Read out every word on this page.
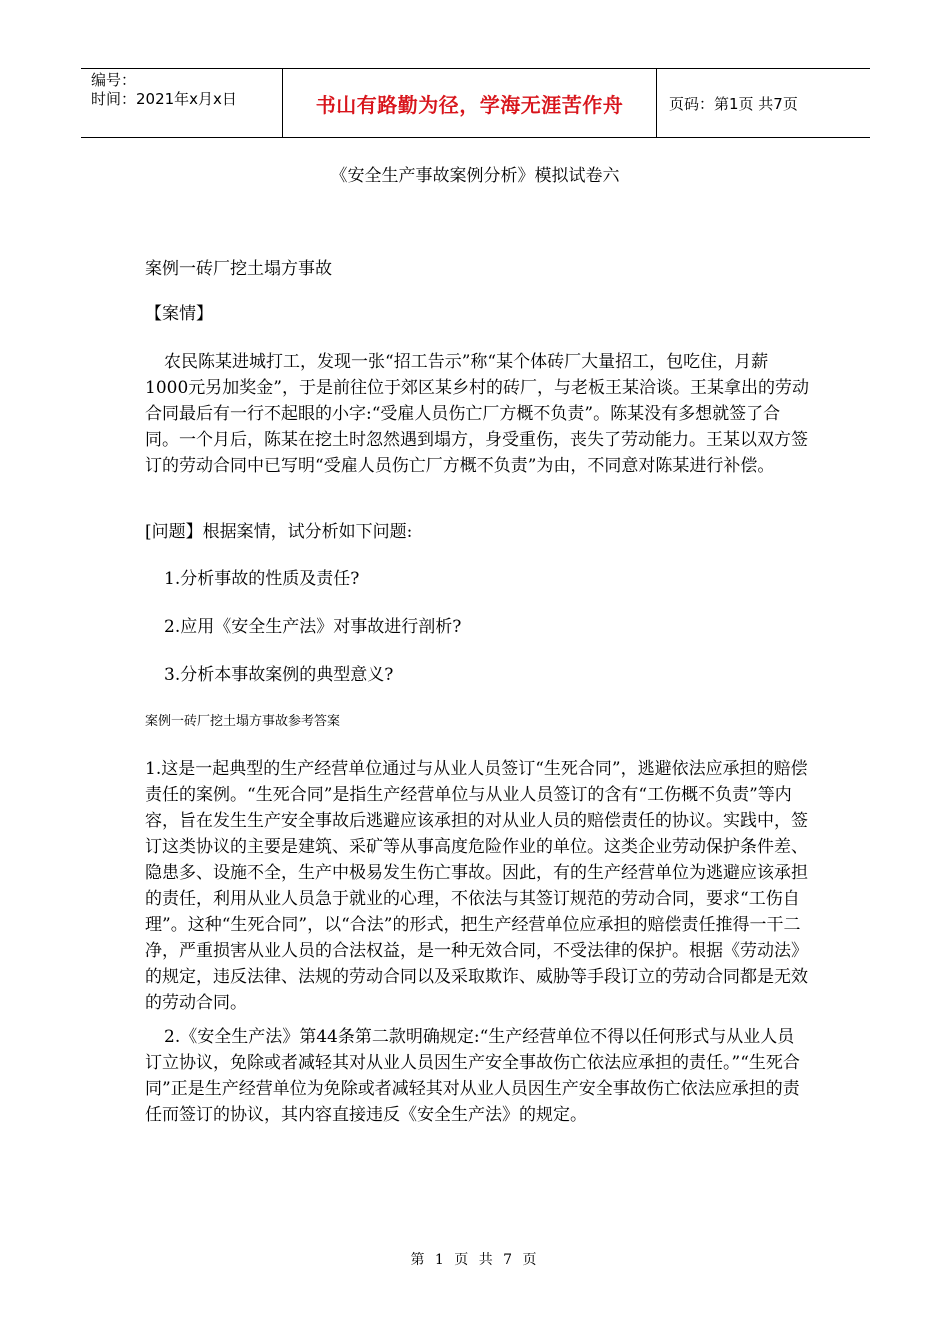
编号：
时间：2021年x月x日	书山有路勤为径，学海无涯苦作舟	页码：第1页 共7页
《安全生产事故案例分析》模拟试卷六

案例一砖厂挖土塌方事故

【案情】

农民陈某进城打工，发现一张“招工告示”称“某个体砖厂大量招工，包吃住，月薪1000元另加奖金”，于是前往位于郊区某乡村的砖厂，与老板王某洽谈。王某拿出的劳动合同最后有一行不起眼的小字:“受雇人员伤亡厂方概不负责”。陈某没有多想就签了合同。一个月后，陈某在挖土时忽然遇到塌方，身受重伤，丧失了劳动能力。王某以双方签订的劳动合同中已写明“受雇人员伤亡厂方概不负责”为由，不同意对陈某进行补偿。

[问题】根据案情，试分析如下问题:

1.分析事故的性质及责任?

2.应用《安全生产法》对事故进行剖析?

3.分析本事故案例的典型意义?

案例一砖厂挖土塌方事故参考答案

1.这是一起典型的生产经营单位通过与从业人员签订“生死合同”，逃避依法应承担的赔偿责任的案例。“生死合同”是指生产经营单位与从业人员签订的含有“工伤概不负责”等内容，旨在发生生产安全事故后逃避应该承担的对从业人员的赔偿责任的协议。实践中，签订这类协议的主要是建筑、采矿等从事高度危险作业的单位。这类企业劳动保护条件差、隐患多、设施不全，生产中极易发生伤亡事故。因此，有的生产经营单位为逃避应该承担的责任，利用从业人员急于就业的心理，不依法与其签订规范的劳动合同，要求“工伤自理”。这种“生死合同”，以“合法”的形式，把生产经营单位应承担的赔偿责任推得一干二净，严重损害从业人员的合法权益，是一种无效合同，不受法律的保护。根据《劳动法》的规定，违反法律、法规的劳动合同以及采取欺诈、威胁等手段订立的劳动合同都是无效的劳动合同。

2.《安全生产法》第44条第二款明确规定:“生产经营单位不得以任何形式与从业人员订立协议，免除或者减轻其对从业人员因生产安全事故伤亡依法应承担的责任。”“生死合同”正是生产经营单位为免除或者减轻其对从业人员因生产安全事故伤亡依法应承担的责任而签订的协议，其内容直接违反《安全生产法》的规定。

第 1 页 共 7 页
